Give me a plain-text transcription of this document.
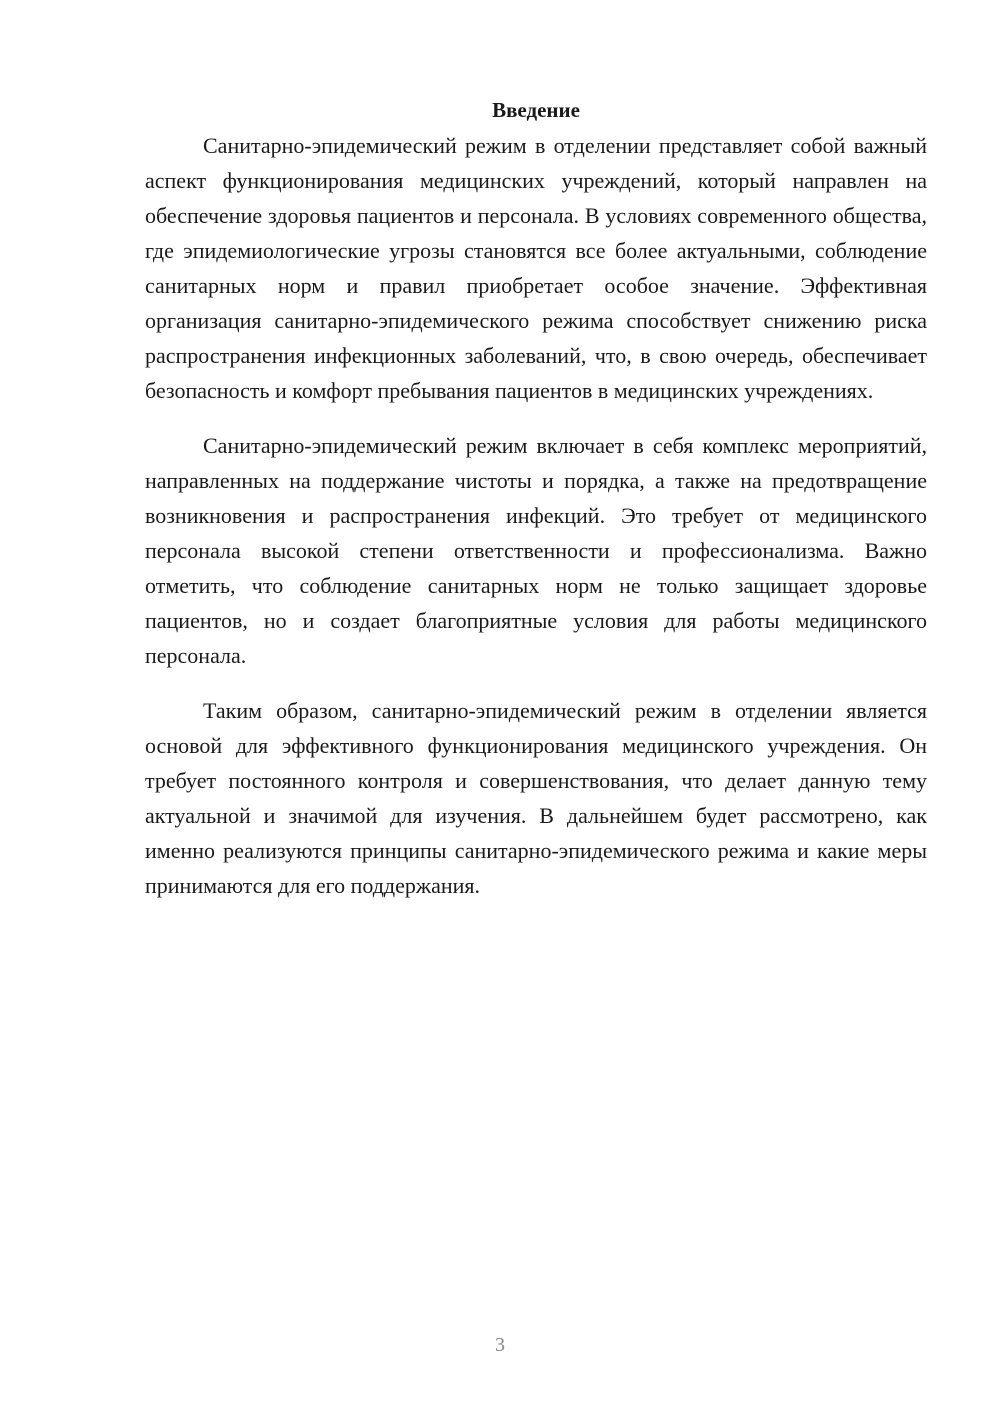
Введение

Санитарно-эпидемический режим в отделении представляет собой важный аспект функционирования медицинских учреждений, который направлен на обеспечение здоровья пациентов и персонала. В условиях современного общества, где эпидемиологические угрозы становятся все более актуальными, соблюдение санитарных норм и правил приобретает особое значение. Эффективная организация санитарно-эпидемического режима способствует снижению риска распространения инфекционных заболеваний, что, в свою очередь, обеспечивает безопасность и комфорт пребывания пациентов в медицинских учреждениях.

Санитарно-эпидемический режим включает в себя комплекс мероприятий, направленных на поддержание чистоты и порядка, а также на предотвращение возникновения и распространения инфекций. Это требует от медицинского персонала высокой степени ответственности и профессионализма. Важно отметить, что соблюдение санитарных норм не только защищает здоровье пациентов, но и создает благоприятные условия для работы медицинского персонала.

Таким образом, санитарно-эпидемический режим в отделении является основой для эффективного функционирования медицинского учреждения. Он требует постоянного контроля и совершенствования, что делает данную тему актуальной и значимой для изучения. В дальнейшем будет рассмотрено, как именно реализуются принципы санитарно-эпидемического режима и какие меры принимаются для его поддержания.

3
